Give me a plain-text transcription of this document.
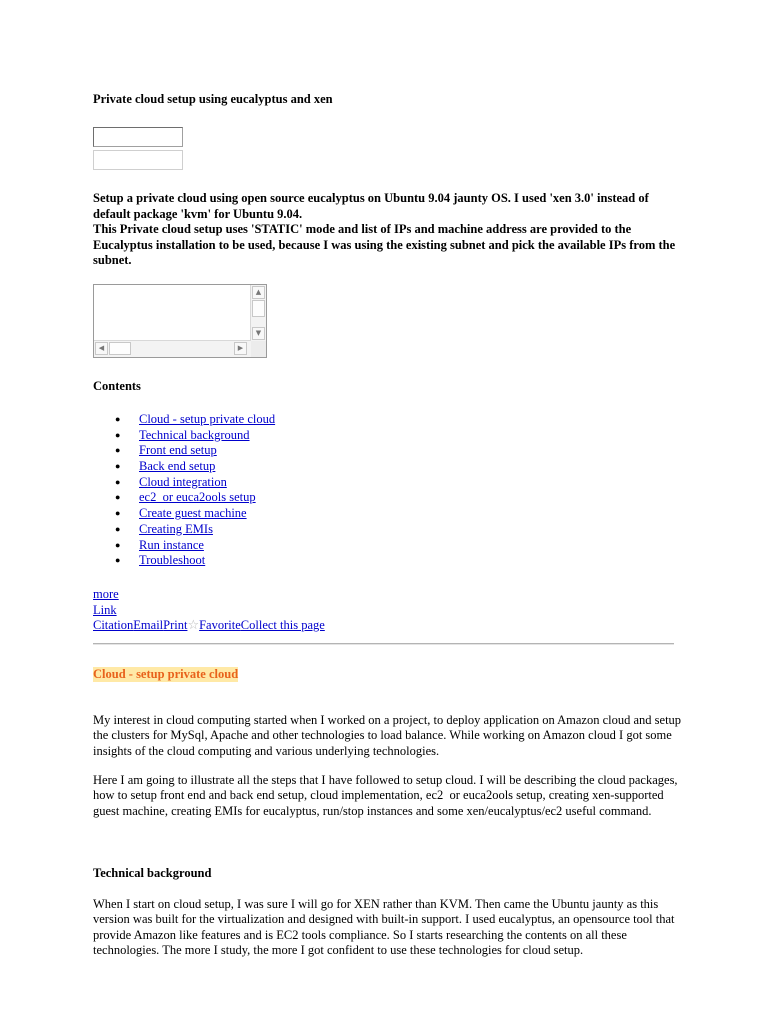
Private cloud setup using eucalyptus and xen

Setup a private cloud using open source eucalyptus on Ubuntu 9.04 jaunty OS. I used 'xen 3.0' instead of default package 'kvm' for Ubuntu 9.04.

This Private cloud setup uses 'STATIC' mode and list of IPs and machine address are provided to the Eucalyptus installation to be used, because I was using the existing subnet and pick the available IPs from the subnet.

▲
▼
◀	▶
Contents
● Cloud - setup private cloud
● Technical background
● Front end setup
● Back end setup
● Cloud integration
● ec2  or euca2ools setup
● Create guest machine
● Creating EMIs
● Run instance
● Troubleshoot
more
Link
CitationEmailPrint☆FavoriteCollect this page
Cloud - setup private cloud

My interest in cloud computing started when I worked on a project, to deploy application on Amazon cloud and setup the clusters for MySql, Apache and other technologies to load balance. While working on Amazon cloud I got some insights of the cloud computing and various underlying technologies.

Here I am going to illustrate all the steps that I have followed to setup cloud. I will be describing the cloud packages, how to setup front end and back end setup, cloud implementation, ec2  or euca2ools setup, creating xen-supported guest machine, creating EMIs for eucalyptus, run/stop instances and some xen/eucalyptus/ec2 useful command.

Technical background

When I start on cloud setup, I was sure I will go for XEN rather than KVM. Then came the Ubuntu jaunty as this version was built for the virtualization and designed with built-in support. I used eucalyptus, an opensource tool that provide Amazon like features and is EC2 tools compliance. So I starts researching the contents on all these technologies. The more I study, the more I got confident to use these technologies for cloud setup.
